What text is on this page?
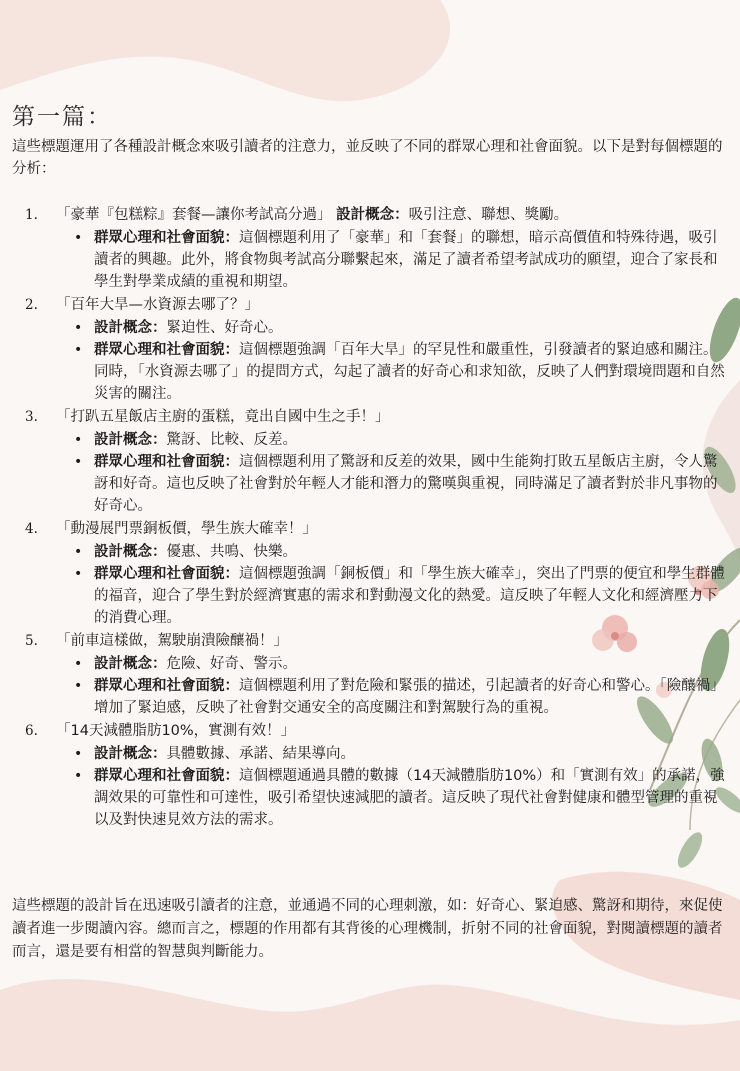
第一篇：
這些標題運用了各種設計概念來吸引讀者的注意力，並反映了不同的群眾心理和社會面貌。以下是對每個標題的分析：
1. 「豪華『包糕粽』套餐—讓你考試高分過」 設計概念：吸引注意、聯想、獎勵。
• 群眾心理和社會面貌：這個標題利用了「豪華」和「套餐」的聯想，暗示高價值和特殊待遇，吸引讀者的興趣。此外，將食物與考試高分聯繫起來，滿足了讀者希望考試成功的願望，迎合了家長和學生對學業成績的重視和期望。
2. 「百年大旱—水資源去哪了？」
• 設計概念：緊迫性、好奇心。
• 群眾心理和社會面貌：這個標題強調「百年大旱」的罕見性和嚴重性，引發讀者的緊迫感和關注。同時，「水資源去哪了」的提問方式，勾起了讀者的好奇心和求知欲，反映了人們對環境問題和自然災害的關注。
3. 「打趴五星飯店主廚的蛋糕，竟出自國中生之手！」
• 設計概念：驚訝、比較、反差。
• 群眾心理和社會面貌：這個標題利用了驚訝和反差的效果，國中生能夠打敗五星飯店主廚，令人驚訝和好奇。這也反映了社會對於年輕人才能和潛力的驚嘆與重視，同時滿足了讀者對於非凡事物的好奇心。
4. 「動漫展門票銅板價，學生族大確幸！」
• 設計概念：優惠、共鳴、快樂。
• 群眾心理和社會面貌：這個標題強調「銅板價」和「學生族大確幸」，突出了門票的便宜和學生群體的福音，迎合了學生對於經濟實惠的需求和對動漫文化的熱愛。這反映了年輕人文化和經濟壓力下的消費心理。
5. 「前車這樣做，駕駛崩潰險釀禍！」
• 設計概念：危險、好奇、警示。
• 群眾心理和社會面貌：這個標題利用了對危險和緊張的描述，引起讀者的好奇心和警心。「險釀禍」增加了緊迫感，反映了社會對交通安全的高度關注和對駕駛行為的重視。
6. 「14天減體脂肪10%，實測有效！」
• 設計概念：具體數據、承諾、結果導向。
• 群眾心理和社會面貌：這個標題通過具體的數據（14天減體脂肪10%）和「實測有效」的承諾，強調效果的可靠性和可達性，吸引希望快速減肥的讀者。這反映了現代社會對健康和體型管理的重視以及對快速見效方法的需求。
這些標題的設計旨在迅速吸引讀者的注意，並通過不同的心理刺激，如：好奇心、緊迫感、驚訝和期待，來促使讀者進一步閱讀內容。總而言之，標題的作用都有其背後的心理機制，折射不同的社會面貌，對閱讀標題的讀者而言，還是要有相當的智慧與判斷能力。
